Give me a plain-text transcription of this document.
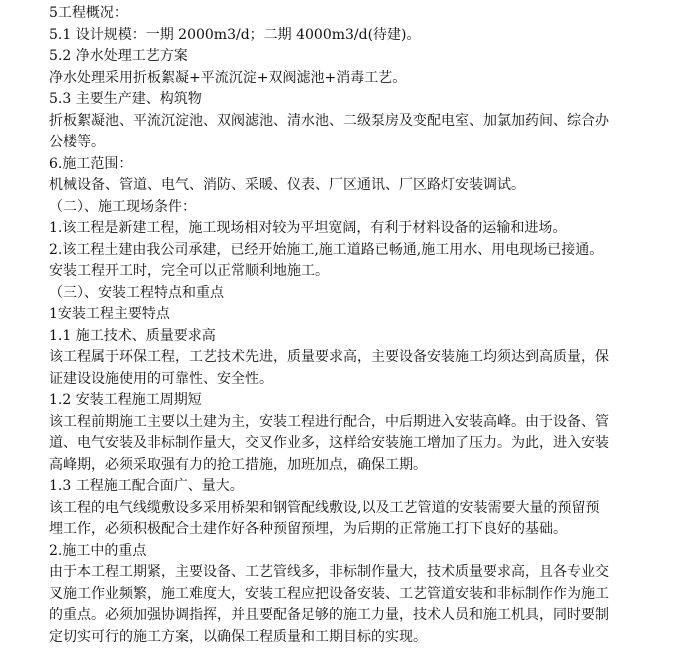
5工程概况：
5.1 设计规模：一期 2000m3/d；二期 4000m3/d(待建)。
5.2 净水处理工艺方案
净水处理采用折板絮凝+平流沉淀+双阀滤池+消毒工艺。
5.3 主要生产建、构筑物
折板絮凝池、平流沉淀池、双阀滤池、清水池、二级泵房及变配电室、加氯加药间、综合办
公楼等。
6.施工范围：
机械设备、管道、电气、消防、采暖、仪表、厂区通讯、厂区路灯安装调试。
（二）、施工现场条件：
1.该工程是新建工程，施工现场相对较为平坦宽阔，有利于材料设备的运输和进场。
2.该工程土建由我公司承建，已经开始施工,施工道路已畅通,施工用水、用电现场已接通。
安装工程开工时，完全可以正常顺利地施工。
（三）、安装工程特点和重点
1安装工程主要特点
1.1 施工技术、质量要求高
该工程属于环保工程，工艺技术先进，质量要求高，主要设备安装施工均须达到高质量，保
证建设设施使用的可靠性、安全性。
1.2 安装工程施工周期短
该工程前期施工主要以土建为主，安装工程进行配合，中后期进入安装高峰。由于设备、管
道、电气安装及非标制作量大，交叉作业多，这样给安装施工增加了压力。为此，进入安装
高峰期，必须采取强有力的抢工措施，加班加点，确保工期。
1.3 工程施工配合面广、量大。
该工程的电气线缆敷设多采用桥架和钢管配线敷设,以及工艺管道的安装需要大量的预留预
埋工作，必须积极配合土建作好各种预留预埋，为后期的正常施工打下良好的基础。
2.施工中的重点
由于本工程工期紧，主要设备、工艺管线多，非标制作量大，技术质量要求高，且各专业交
叉施工作业频繁，施工难度大，安装工程应把设备安装、工艺管道安装和非标制作作为施工
的重点。必须加强协调指挥，并且要配备足够的施工力量，技术人员和施工机具，同时要制
定切实可行的施工方案，以确保工程质量和工期目标的实现。
